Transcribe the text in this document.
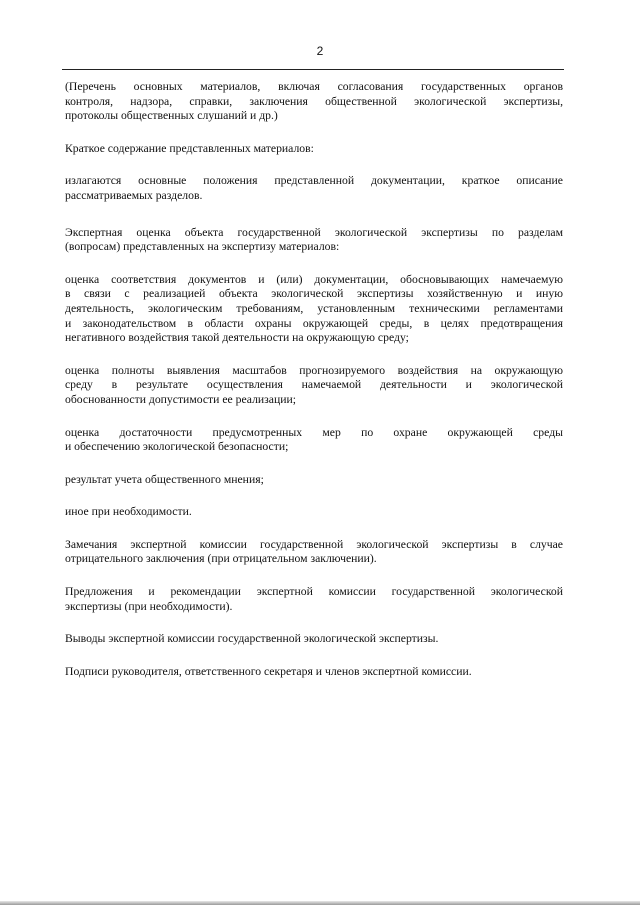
2

(Перечень основных материалов, включая согласования государственных органов

контроля, надзора, справки, заключения общественной экологической экспертизы,

протоколы общественных слушаний и др.)

Краткое содержание представленных материалов:

излагаются основные положения представленной документации, краткое описание

рассматриваемых разделов.

Экспертная оценка объекта государственной экологической экспертизы по разделам

(вопросам) представленных на экспертизу материалов:

оценка соответствия документов и (или) документации, обосновывающих намечаемую

в связи с реализацией объекта экологической экспертизы хозяйственную и иную

деятельность, экологическим требованиям, установленным техническими регламентами

и законодательством в области охраны окружающей среды, в целях предотвращения

негативного воздействия такой деятельности на окружающую среду;

оценка полноты выявления масштабов прогнозируемого воздействия на окружающую

среду в результате осуществления намечаемой деятельности и экологической

обоснованности допустимости ее реализации;

оценка достаточности предусмотренных мер по охране окружающей среды

и обеспечению экологической безопасности;

результат учета общественного мнения;

иное при необходимости.

Замечания экспертной комиссии государственной экологической экспертизы в случае

отрицательного заключения (при отрицательном заключении).

Предложения и рекомендации экспертной комиссии государственной экологической

экспертизы (при необходимости).

Выводы экспертной комиссии государственной экологической экспертизы.

Подписи руководителя, ответственного секретаря и членов экспертной комиссии.
